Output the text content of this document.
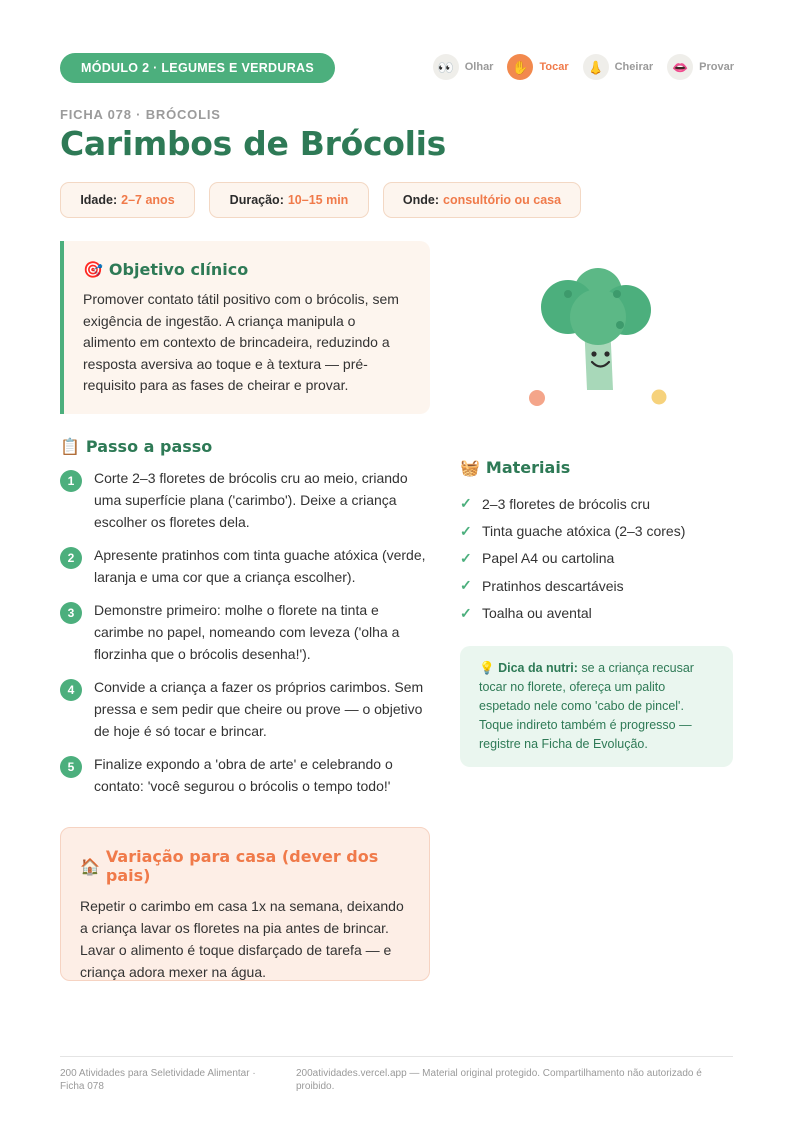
MÓDULO 2 · LEGUMES E VERDURAS	👀 Olhar	✋ Tocar	👃 Cheirar	👄 Provar
FICHA 078 · BRÓCOLIS
Carimbos de Brócolis
Idade: 2–7 anos	Duração: 10–15 min	Onde: consultório ou casa
🎯 Objetivo clínico

Promover contato tátil positivo com o brócolis, sem exigência de ingestão. A criança manipula o alimento em contexto de brincadeira, reduzindo a resposta aversiva ao toque e à textura — pré-requisito para as fases de cheirar e provar.

📋 Passo a passo
1	Corte 2–3 floretes de brócolis cru ao meio, criando uma superfície plana ('carimbo'). Deixe a criança escolher os floretes dela.
2	Apresente pratinhos com tinta guache atóxica (verde, laranja e uma cor que a criança escolher).
3	Demonstre primeiro: molhe o florete na tinta e carimbe no papel, nomeando com leveza ('olha a florzinha que o brócolis desenha!').
4	Convide a criança a fazer os próprios carimbos. Sem pressa e sem pedir que cheire ou prove — o objetivo de hoje é só tocar e brincar.
5	Finalize expondo a 'obra de arte' e celebrando o contato: 'você segurou o brócolis o tempo todo!'
🏠 Variação para casa (dever dos pais)

Repetir o carimbo em casa 1x na semana, deixando a criança lavar os floretes na pia antes de brincar. Lavar o alimento é toque disfarçado de tarefa — e criança adora mexer na água.

🧺 Materiais
✓ 2–3 floretes de brócolis cru
✓ Tinta guache atóxica (2–3 cores)
✓ Papel A4 ou cartolina
✓ Pratinhos descartáveis
✓ Toalha ou avental
💡 Dica da nutri: se a criança recusar tocar no florete, ofereça um palito espetado nele como 'cabo de pincel'. Toque indireto também é progresso — registre na Ficha de Evolução.
200 Atividades para Seletividade Alimentar · Ficha 078
200atividades.vercel.app — Material original protegido. Compartilhamento não autorizado é proibido.
